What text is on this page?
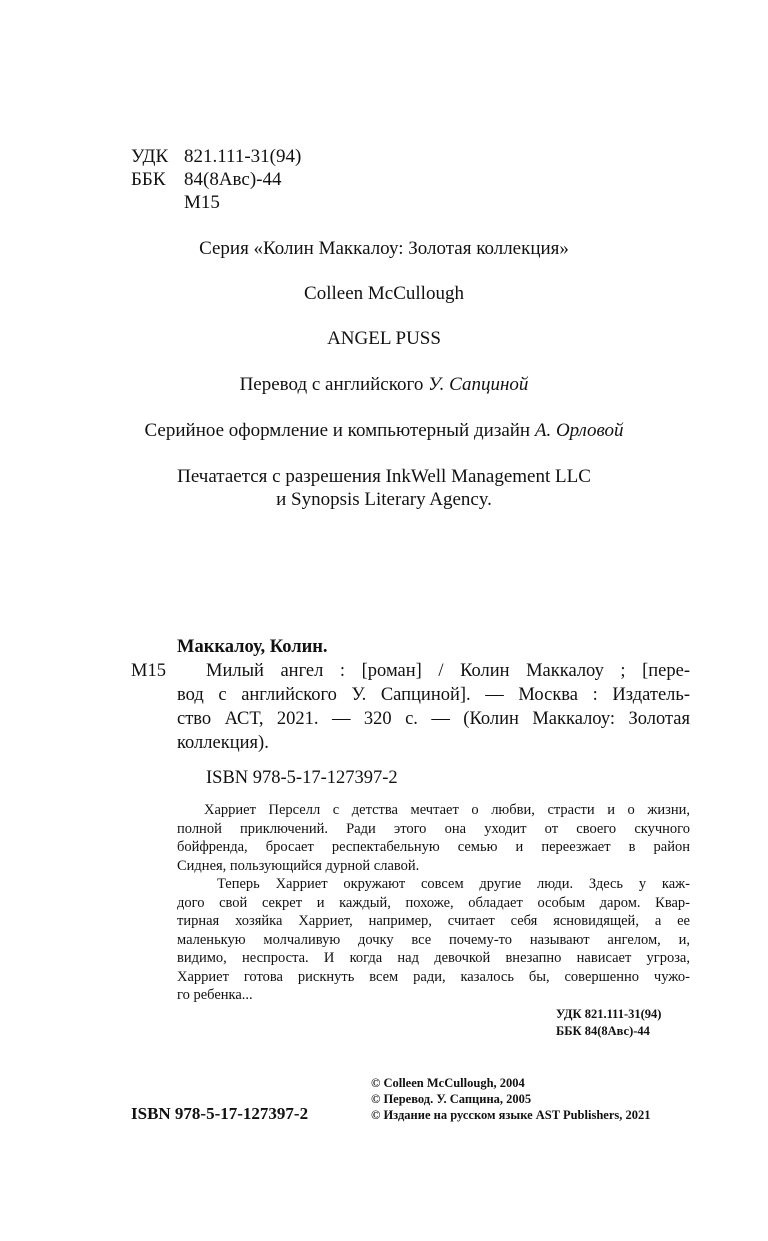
УДК 821.111-31(94)
ББК 84(8Авс)-44
М15
Серия «Колин Маккалоу: Золотая коллекция»
Colleen McCullough
ANGEL PUSS
Перевод с английского У. Сапциной
Серийное оформление и компьютерный дизайн А. Орловой
Печатается с разрешения InkWell Management LLC
и Synopsis Literary Agency.
Маккалоу, Колин.
М15 Милый ангел : [роман] / Колин Маккалоу ; [пере-
вод с английского У. Сапциной]. — Москва : Издатель-
ство АСТ, 2021. — 320 с. — (Колин Маккалоу: Золотая
коллекция).
ISBN 978-5-17-127397-2
Харриет Перселл с детства мечтает о любви, страсти и о жизни,
полной приключений. Ради этого она уходит от своего скучного
бойфренда, бросает респектабельную семью и переезжает в район
Сиднея, пользующийся дурной славой.
Теперь Харриет окружают совсем другие люди. Здесь у каж-
дого свой секрет и каждый, похоже, обладает особым даром. Квар-
тирная хозяйка Харриет, например, считает себя ясновидящей, а ее
маленькую молчаливую дочку все почему-то называют ангелом, и,
видимо, неспроста. И когда над девочкой внезапно нависает угроза,
Харриет готова рискнуть всем ради, казалось бы, совершенно чужо-
го ребенка...
УДК 821.111-31(94)
ББК 84(8Авс)-44
© Colleen McCullough, 2004
© Перевод. У. Сапцина, 2005
© Издание на русском языке AST Publishers, 2021
ISBN 978-5-17-127397-2
